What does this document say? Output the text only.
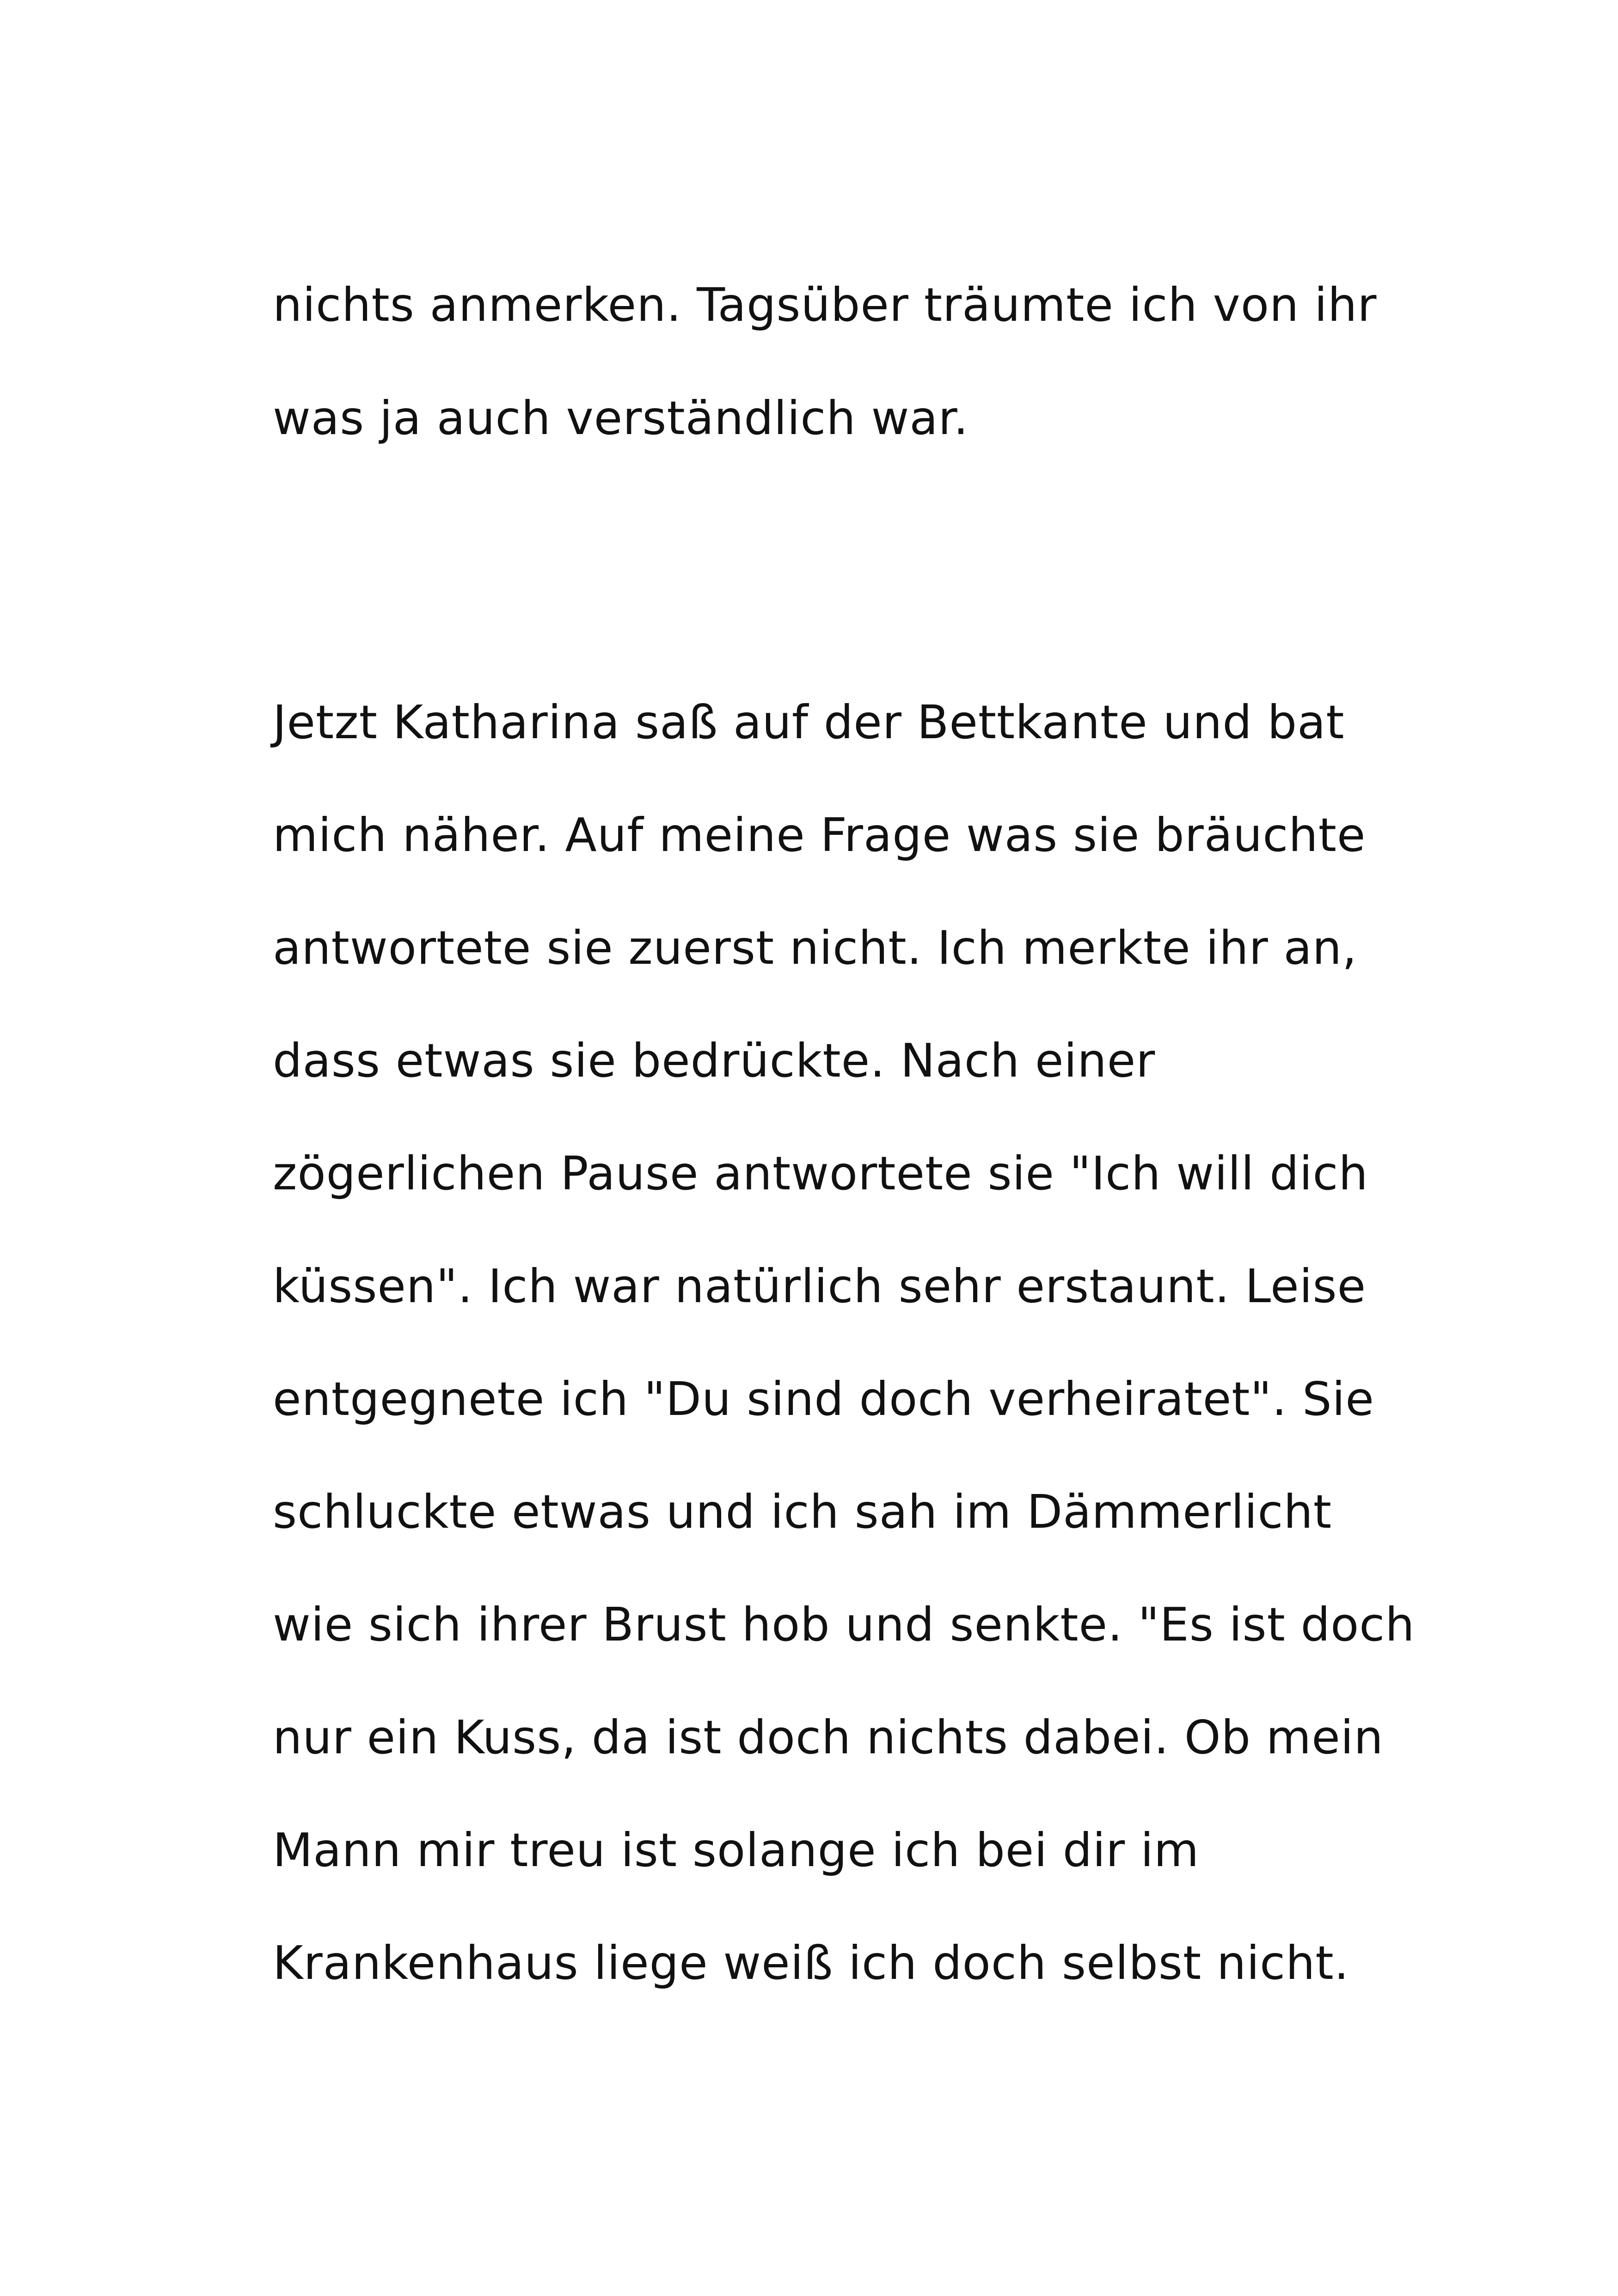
nichts anmerken. Tagsüber träumte ich von ihr

was ja auch verständlich war.

Jetzt Katharina saß auf der Bettkante und bat

mich näher. Auf meine Frage was sie bräuchte

antwortete sie zuerst nicht. Ich merkte ihr an,

dass etwas sie bedrückte. Nach einer

zögerlichen Pause antwortete sie "Ich will dich

küssen". Ich war natürlich sehr erstaunt. Leise

entgegnete ich "Du sind doch verheiratet". Sie

schluckte etwas und ich sah im Dämmerlicht

wie sich ihrer Brust hob und senkte. "Es ist doch

nur ein Kuss, da ist doch nichts dabei. Ob mein

Mann mir treu ist solange ich bei dir im

Krankenhaus liege weiß ich doch selbst nicht.
